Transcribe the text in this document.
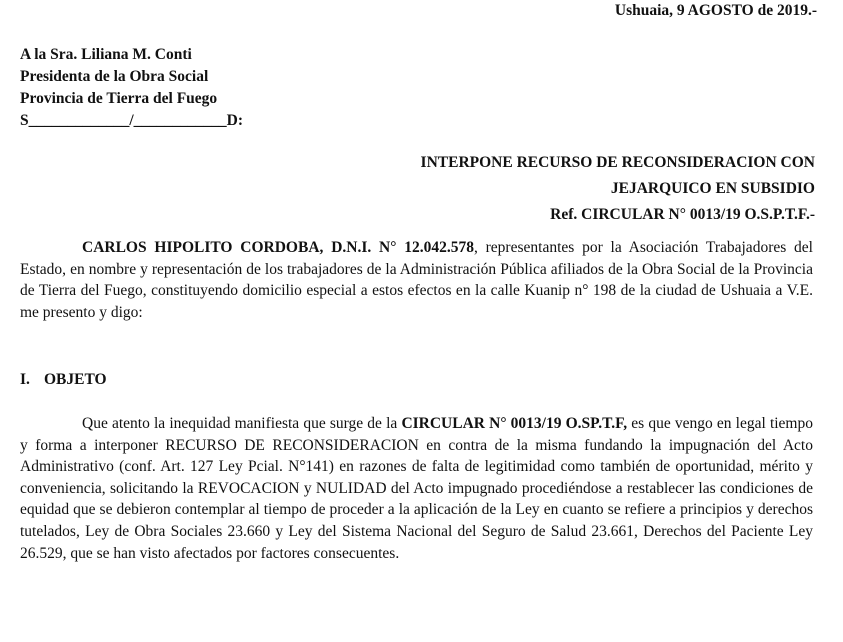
Ushuaia, 9 AGOSTO de 2019.-
A la Sra. Liliana M. Conti
Presidenta de la Obra Social
Provincia de Tierra del Fuego
S_____________/____________D:
INTERPONE RECURSO DE RECONSIDERACION CON
JEJARQUICO EN SUBSIDIO
Ref. CIRCULAR N° 0013/19 O.S.P.T.F.-
CARLOS HIPOLITO CORDOBA, D.N.I. N° 12.042.578, representantes por la Asociación Trabajadores del Estado, en nombre y representación de los trabajadores de la Administración Pública afiliados de la Obra Social de la Provincia de Tierra del Fuego, constituyendo domicilio especial a estos efectos en la calle Kuanip n° 198 de la ciudad de Ushuaia a V.E. me presento y digo:
I. OBJETO
Que atento la inequidad manifiesta que surge de la CIRCULAR N° 0013/19 O.SP.T.F, es que vengo en legal tiempo y forma a interponer RECURSO DE RECONSIDERACION en contra de la misma fundando la impugnación del Acto Administrativo (conf. Art. 127 Ley Pcial. N°141) en razones de falta de legitimidad como también de oportunidad, mérito y conveniencia, solicitando la REVOCACION y NULIDAD del Acto impugnado procediéndose a restablecer las condiciones de equidad que se debieron contemplar al tiempo de proceder a la aplicación de la Ley en cuanto se refiere a principios y derechos tutelados, Ley de Obra Sociales 23.660 y Ley del Sistema Nacional del Seguro de Salud 23.661, Derechos del Paciente Ley 26.529, que se han visto afectados por factores consecuentes.
